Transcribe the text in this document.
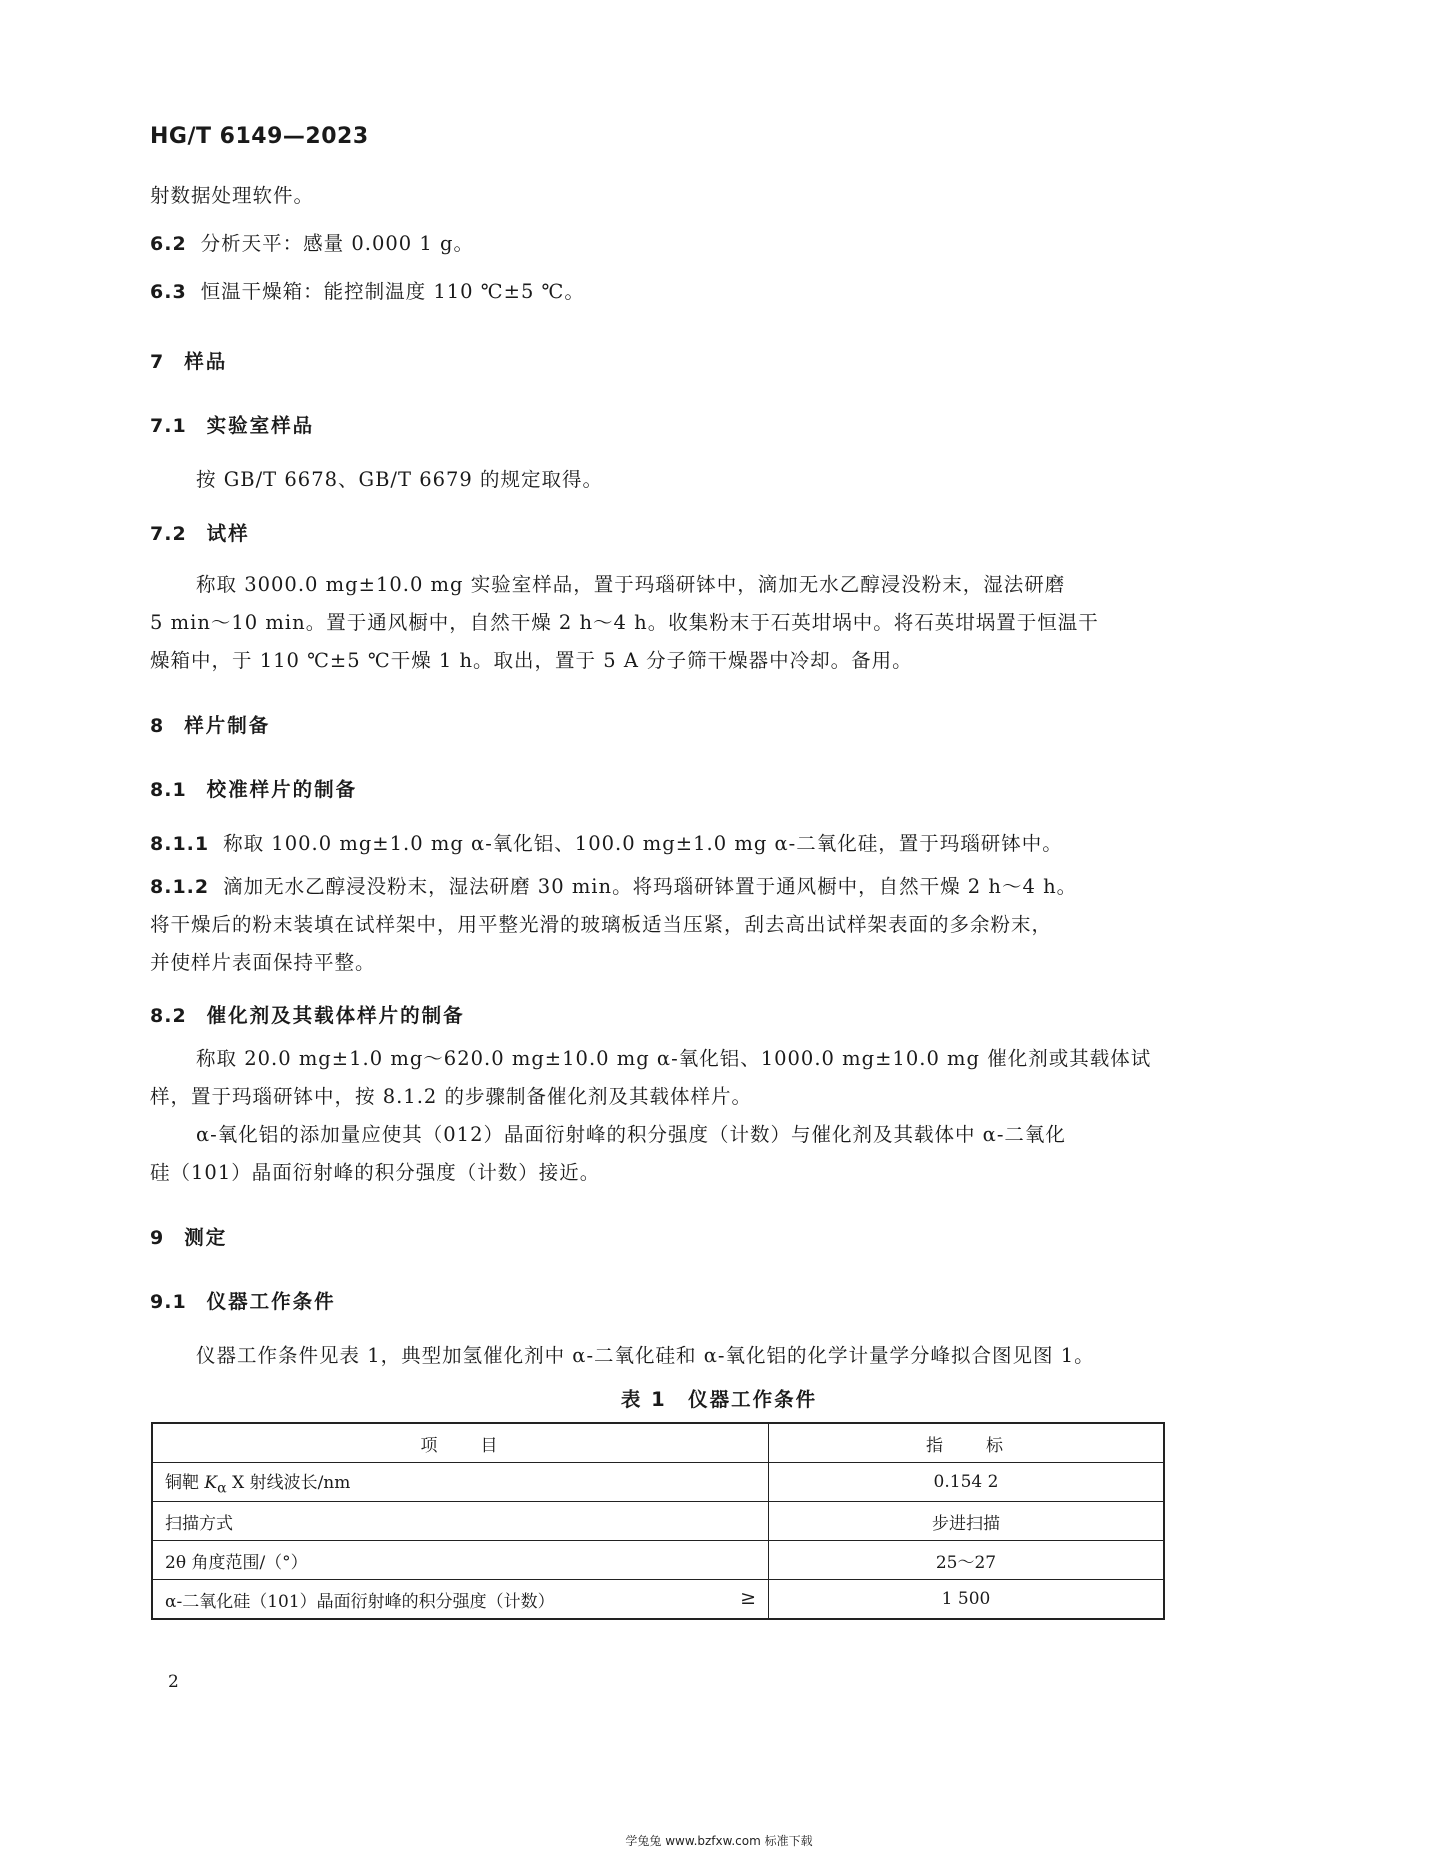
HG/T 6149—2023
射数据处理软件。
6.2 分析天平：感量 0.000 1 g。
6.3 恒温干燥箱：能控制温度 110 ℃±5 ℃。
7 样品
7.1 实验室样品
按 GB/T 6678、GB/T 6679 的规定取得。
7.2 试样
称取 3000.0 mg±10.0 mg 实验室样品，置于玛瑙研钵中，滴加无水乙醇浸没粉末，湿法研磨
5 min～10 min。置于通风橱中，自然干燥 2 h～4 h。收集粉末于石英坩埚中。将石英坩埚置于恒温干
燥箱中，于 110 ℃±5 ℃干燥 1 h。取出，置于 5 A 分子筛干燥器中冷却。备用。
8 样片制备
8.1 校准样片的制备
8.1.1 称取 100.0 mg±1.0 mg α-氧化铝、100.0 mg±1.0 mg α-二氧化硅，置于玛瑙研钵中。
8.1.2 滴加无水乙醇浸没粉末，湿法研磨 30 min。将玛瑙研钵置于通风橱中，自然干燥 2 h～4 h。
将干燥后的粉末装填在试样架中，用平整光滑的玻璃板适当压紧，刮去高出试样架表面的多余粉末，
并使样片表面保持平整。
8.2 催化剂及其载体样片的制备
称取 20.0 mg±1.0 mg～620.0 mg±10.0 mg α-氧化铝、1000.0 mg±10.0 mg 催化剂或其载体试
样，置于玛瑙研钵中，按 8.1.2 的步骤制备催化剂及其载体样片。
α-氧化铝的添加量应使其（012）晶面衍射峰的积分强度（计数）与催化剂及其载体中 α-二氧化
硅（101）晶面衍射峰的积分强度（计数）接近。
9 测定
9.1 仪器工作条件
仪器工作条件见表 1，典型加氢催化剂中 α-二氧化硅和 α-氧化铝的化学计量学分峰拟合图见图 1。
表 1　仪器工作条件
项　　目	指　　标
铜靶 $K_\alpha$ X 射线波长/nm	0.154 2
扫描方式	步进扫描
2θ 角度范围/（°）	25～27
α-二氧化硅（101）晶面衍射峰的积分强度（计数） ≥	1 500
2
学兔兔 www.bzfxw.com 标准下载
